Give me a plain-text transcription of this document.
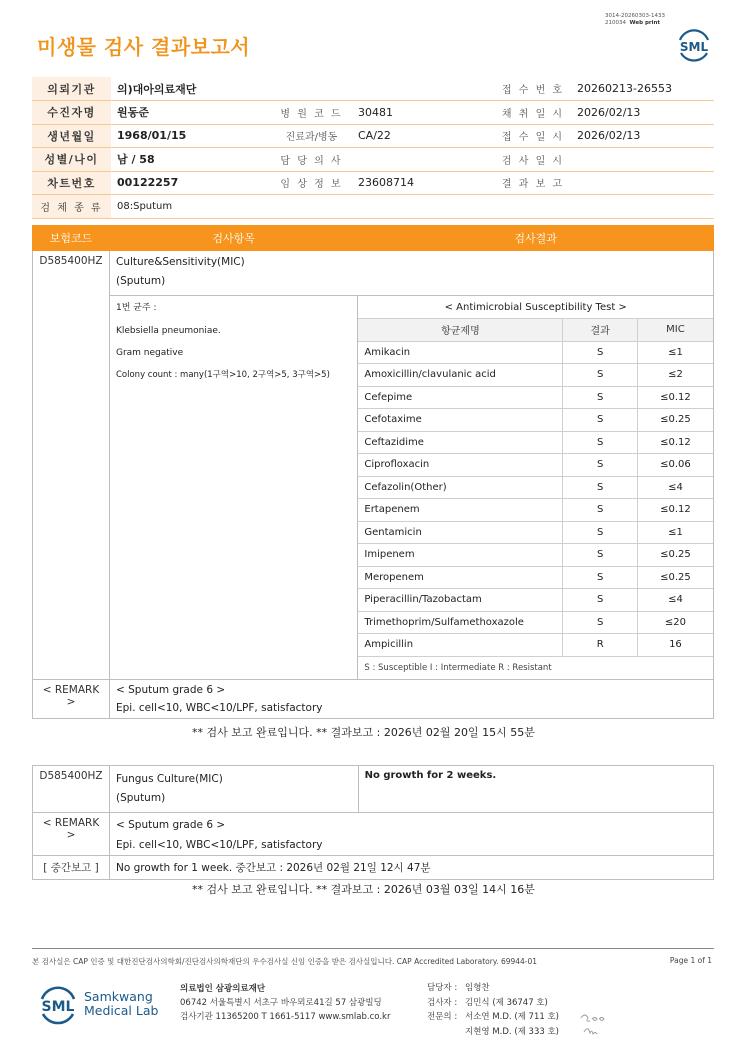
3014-20260303-1433
210034 Web print
미생물 검사 결과보고서	SML
의뢰기관	의)대아의료재단			접 수 번 호	20260213-26553
수진자명	원동준	병 원 코 드	30481	채 취 일 시	2026/02/13
생년월일	1968/01/15	진료과/병동	CA/22	접 수 일 시	2026/02/13
성별/나이	남 / 58	담 당 의 사		검 사 일 시	
차트번호	00122257	임 상 정 보	23608714	결 과 보 고	
검 체 종 류	08:Sputum				
보험코드	검사항목	검사결과
D585400HZ	Culture&Sensitivity(MIC)
(Sputum)

1번 균주 :
Klebsiella pneumoniae.
Gram negative
Colony count : many(1구역>10, 2구역>5, 3구역>5)

< Antimicrobial Susceptibility Test >
항균제명	결과	MIC
Amikacin	S	≤1
Amoxicillin/clavulanic acid	S	≤2
Cefepime	S	≤0.12
Cefotaxime	S	≤0.25
Ceftazidime	S	≤0.12
Ciprofloxacin	S	≤0.06
Cefazolin(Other)	S	≤4
Ertapenem	S	≤0.12
Gentamicin	S	≤1
Imipenem	S	≤0.25
Meropenem	S	≤0.25
Piperacillin/Tazobactam	S	≤4
Trimethoprim/Sulfamethoxazole	S	≤20
Ampicillin	R	16
S : Susceptible I : Intermediate R : Resistant

< REMARK >	< Sputum grade 6 >
Epi. cell<10, WBC<10/LPF, satisfactory
** 검사 보고 완료입니다. ** 결과보고 : 2026년 02월 20일 15시 55분
D585400HZ	Fungus Culture(MIC)
(Sputum)	No growth for 2 weeks.
< REMARK >	< Sputum grade 6 >	
	Epi. cell<10, WBC<10/LPF, satisfactory	
[ 중간보고 ]	No growth for 1 week. 중간보고 : 2026년 02월 21일 12시 47분	
** 검사 보고 완료입니다. ** 결과보고 : 2026년 03월 03일 14시 16분
본 검사실은 CAP 인증 및 대한진단검사의학회/진단검사의학재단의 우수검사실 신임 인증을 받은 검사실입니다. CAP Accredited Laboratory. 69944-01	Page 1 of 1
SML
Samkwang
Medical Lab
의료법인 삼광의료재단
06742 서울특별시 서초구 바우뫼로41길 57 삼광빌딩
검사기관 11365200 T 1661-5117 www.smlab.co.kr
담당자 : 임형찬
검사자 : 김민식 (제 36747 호)
전문의 : 서소연 M.D. (제 711 호)
지현영 M.D. (제 333 호)
